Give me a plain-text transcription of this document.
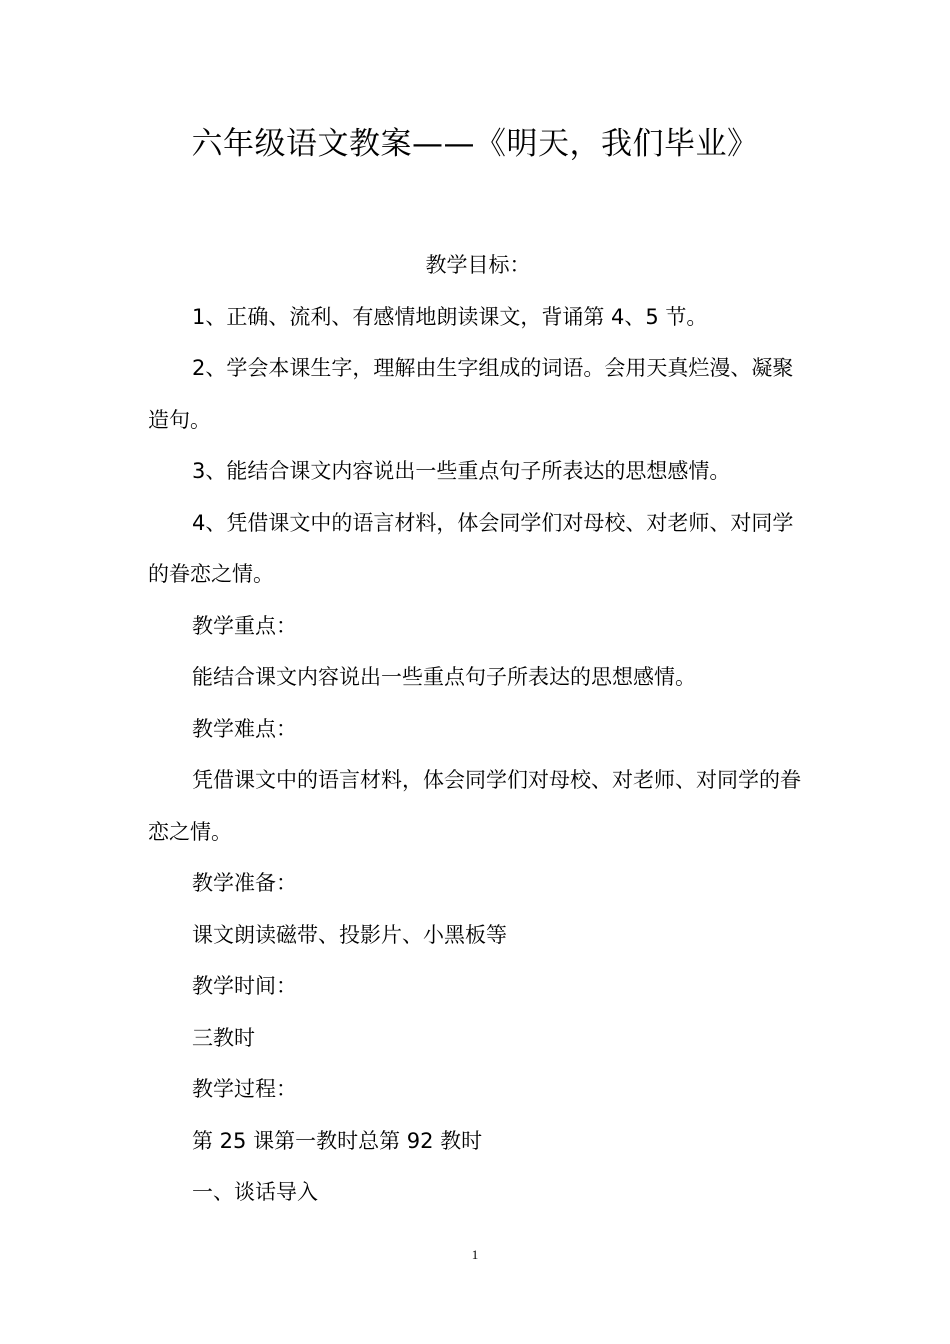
六年级语文教案——《明天，我们毕业》

教学目标：

1、正确、流利、有感情地朗读课文，背诵第 4、5 节。

2、学会本课生字，理解由生字组成的词语。会用天真烂漫、凝聚造句。

3、能结合课文内容说出一些重点句子所表达的思想感情。

4、凭借课文中的语言材料，体会同学们对母校、对老师、对同学的眷恋之情。

教学重点：

能结合课文内容说出一些重点句子所表达的思想感情。

教学难点：

凭借课文中的语言材料，体会同学们对母校、对老师、对同学的眷恋之情。

教学准备：

课文朗读磁带、投影片、小黑板等

教学时间：

三教时

教学过程：

第 25 课第一教时总第 92 教时

一、谈话导入

1
